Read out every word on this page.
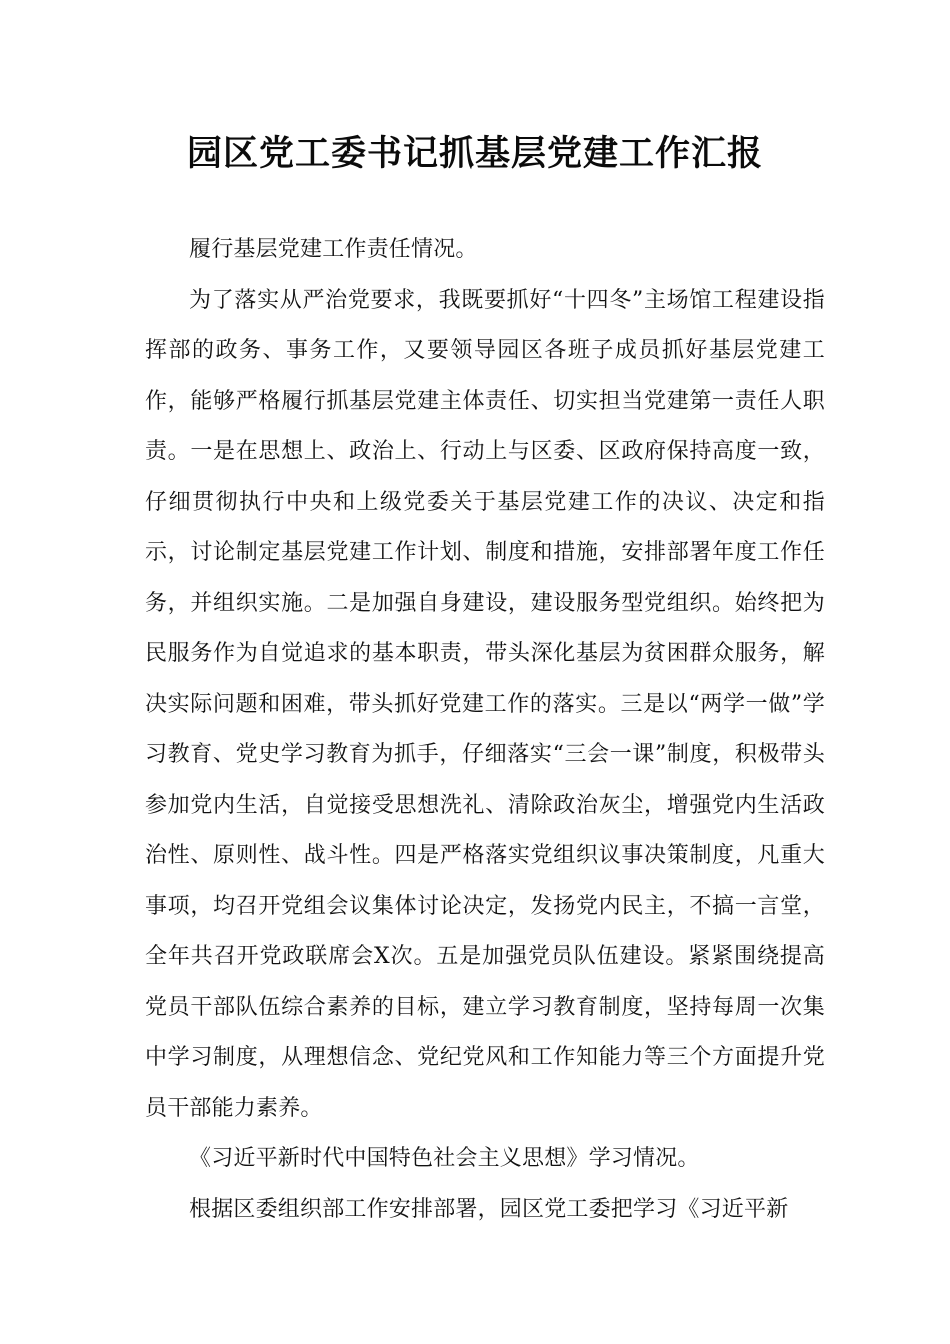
园区党工委书记抓基层党建工作汇报

履行基层党建工作责任情况。

为了落实从严治党要求，我既要抓好“十四冬”主场馆工程建设指挥部的政务、事务工作，又要领导园区各班子成员抓好基层党建工作，能够严格履行抓基层党建主体责任、切实担当党建第一责任人职责。一是在思想上、政治上、行动上与区委、区政府保持高度一致，仔细贯彻执行中央和上级党委关于基层党建工作的决议、决定和指示，讨论制定基层党建工作计划、制度和措施，安排部署年度工作任务，并组织实施。二是加强自身建设，建设服务型党组织。始终把为民服务作为自觉追求的基本职责，带头深化基层为贫困群众服务，解决实际问题和困难，带头抓好党建工作的落实。三是以“两学一做”学习教育、党史学习教育为抓手，仔细落实“三会一课”制度，积极带头参加党内生活，自觉接受思想洗礼、清除政治灰尘，增强党内生活政治性、原则性、战斗性。四是严格落实党组织议事决策制度，凡重大事项，均召开党组会议集体讨论决定，发扬党内民主，不搞一言堂，全年共召开党政联席会X次。五是加强党员队伍建设。紧紧围绕提高党员干部队伍综合素养的目标，建立学习教育制度，坚持每周一次集中学习制度，从理想信念、党纪党风和工作知能力等三个方面提升党员干部能力素养。

《习近平新时代中国特色社会主义思想》学习情况。

根据区委组织部工作安排部署，园区党工委把学习《习近平新
